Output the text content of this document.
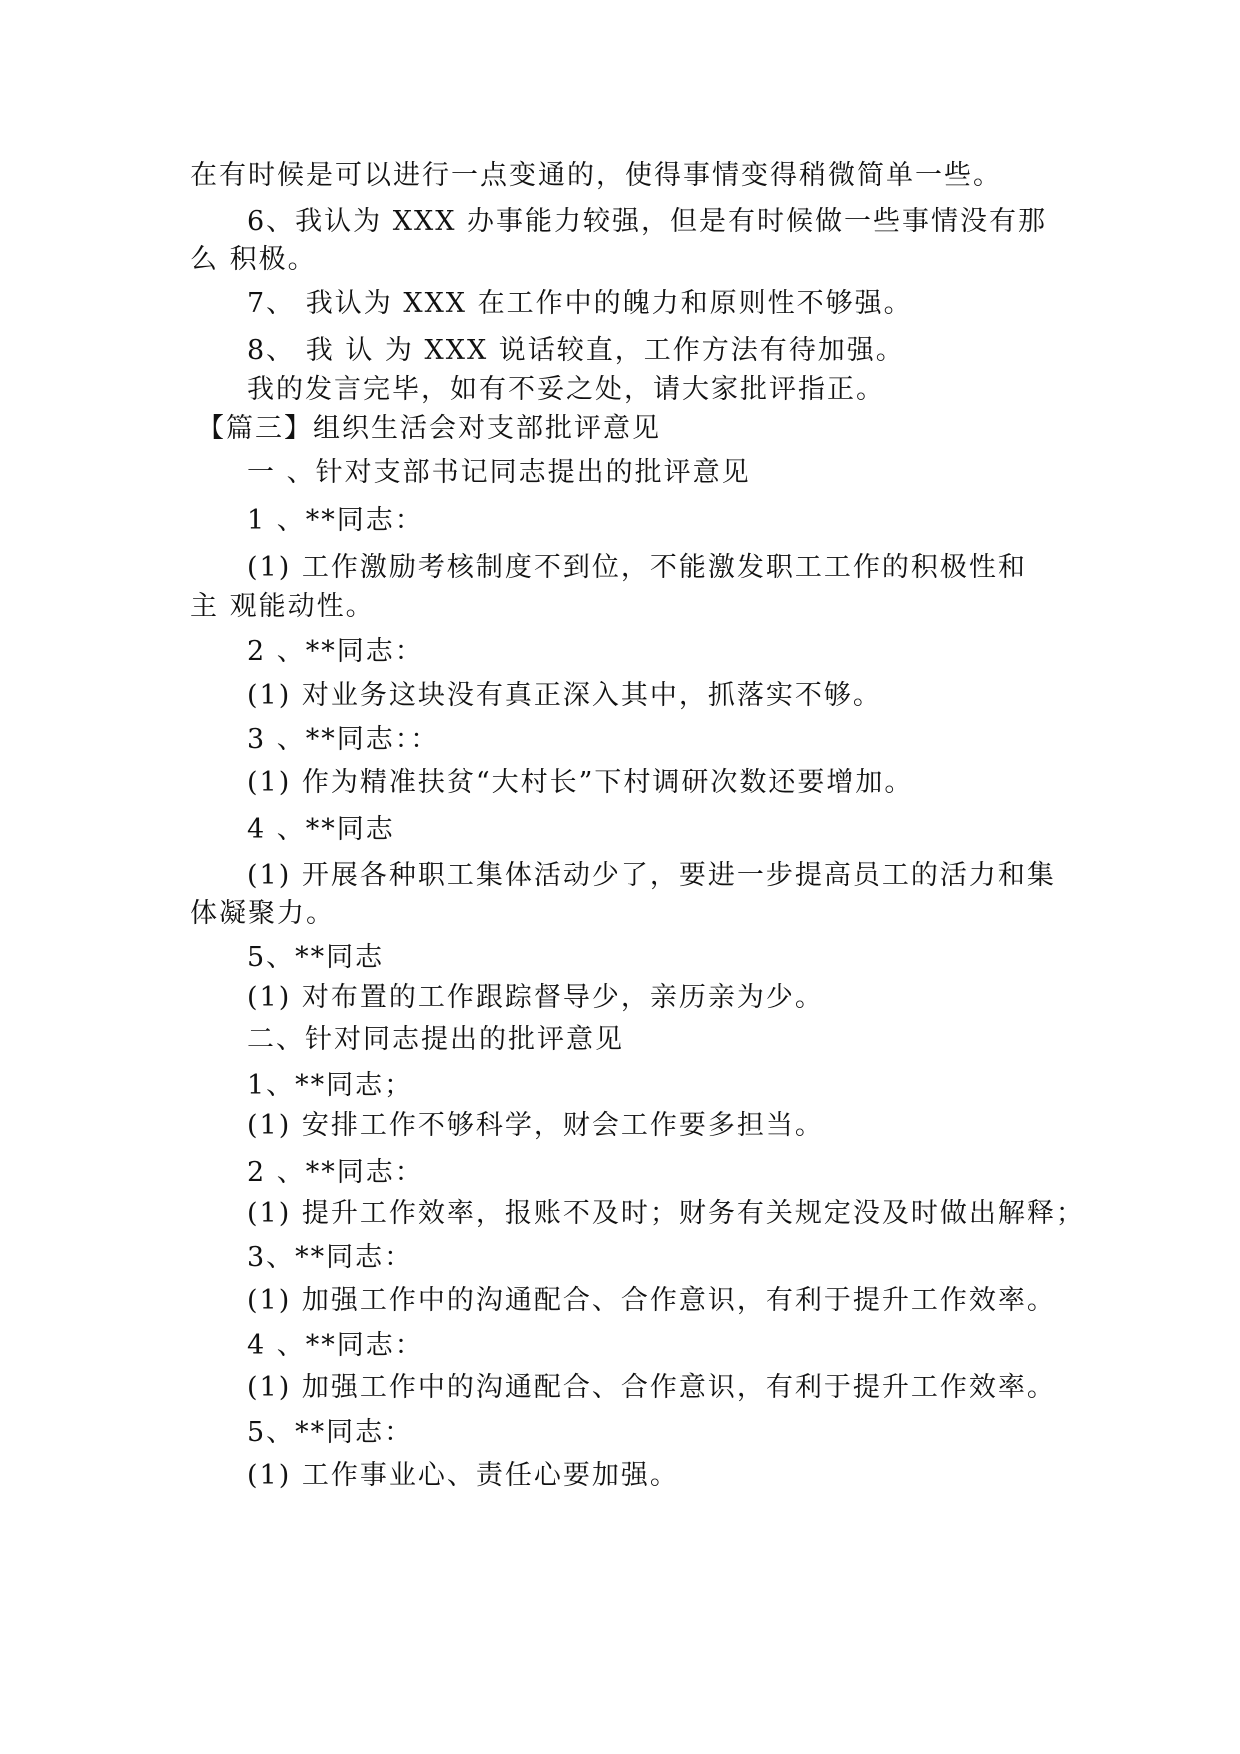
在有时候是可以进行一点变通的，使得事情变得稍微简单一些。
6、我认为 XXX 办事能力较强，但是有时候做一些事情没有那
么 积极。
7、 我认为 XXX 在工作中的魄力和原则性不够强。
8、 我 认 为 XXX 说话较直，工作方法有待加强。
我的发言完毕，如有不妥之处，请大家批评指正。
【篇三】组织生活会对支部批评意见
一 、针对支部书记同志提出的批评意见
1 、**同志：
(1) 工作激励考核制度不到位，不能激发职工工作的积极性和
主 观能动性。
2 、**同志：
(1) 对业务这块没有真正深入其中，抓落实不够。
3 、**同志：：
(1) 作为精准扶贫“大村长”下村调研次数还要增加。
4 、**同志
(1) 开展各种职工集体活动少了，要进一步提高员工的活力和集
体凝聚力。
5、**同志
(1) 对布置的工作跟踪督导少，亲历亲为少。
二、针对同志提出的批评意见
1、**同志；
(1) 安排工作不够科学，财会工作要多担当。
2 、**同志：
(1) 提升工作效率，报账不及时；财务有关规定没及时做出解释；
3、**同志：
(1) 加强工作中的沟通配合、合作意识，有利于提升工作效率。
4 、**同志：
(1) 加强工作中的沟通配合、合作意识，有利于提升工作效率。
5、**同志：
(1) 工作事业心、责任心要加强。
